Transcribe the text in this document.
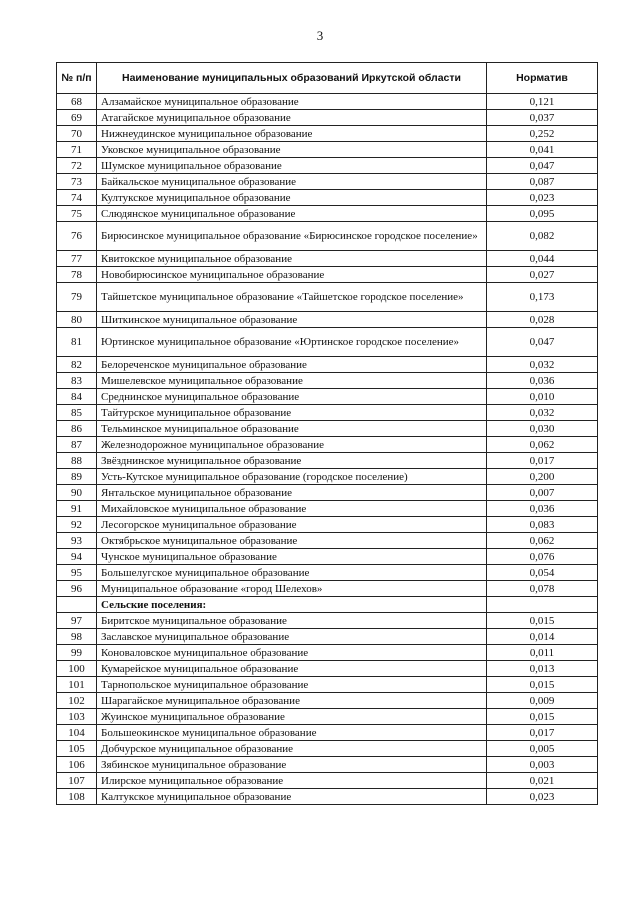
3
№ п/п	Наименование муниципальных образований Иркутской области	Норматив
68	Алзамайское муниципальное образование	0,121
69	Атагайское муниципальное образование	0,037
70	Нижнеудинское муниципальное образование	0,252
71	Уковское муниципальное образование	0,041
72	Шумское муниципальное образование	0,047
73	Байкальское муниципальное образование	0,087
74	Култукское муниципальное образование	0,023
75	Слюдянское муниципальное образование	0,095
76	Бирюсинское муниципальное образование «Бирюсинское городское поселение»	0,082
77	Квитокское муниципальное образование	0,044
78	Новобирюсинское муниципальное образование	0,027
79	Тайшетское муниципальное образование «Тайшетское городское поселение»	0,173
80	Шиткинское муниципальное образование	0,028
81	Юртинское муниципальное образование «Юртинское городское поселение»	0,047
82	Белореченское муниципальное образование	0,032
83	Мишелевское муниципальное образование	0,036
84	Среднинское муниципальное образование	0,010
85	Тайтурское муниципальное образование	0,032
86	Тельминское муниципальное образование	0,030
87	Железнодорожное муниципальное образование	0,062
88	Звёзднинское муниципальное образование	0,017
89	Усть-Кутское муниципальное образование (городское поселение)	0,200
90	Янтальское муниципальное образование	0,007
91	Михайловское муниципальное образование	0,036
92	Лесогорское муниципальное образование	0,083
93	Октябрьское муниципальное образование	0,062
94	Чунское муниципальное образование	0,076
95	Большелугское муниципальное образование	0,054
96	Муниципальное образование «город Шелехов»	0,078
	Сельские поселения:	
97	Биритское муниципальное образование	0,015
98	Заславское муниципальное образование	0,014
99	Коноваловское муниципальное образование	0,011
100	Кумарейское муниципальное образование	0,013
101	Тарнопольское муниципальное образование	0,015
102	Шарагайское муниципальное образование	0,009
103	Жуинское муниципальное образование	0,015
104	Большеокинское муниципальное образование	0,017
105	Добчурское муниципальное образование	0,005
106	Зябинское муниципальное образование	0,003
107	Илирское муниципальное образование	0,021
108	Калтукское муниципальное образование	0,023
